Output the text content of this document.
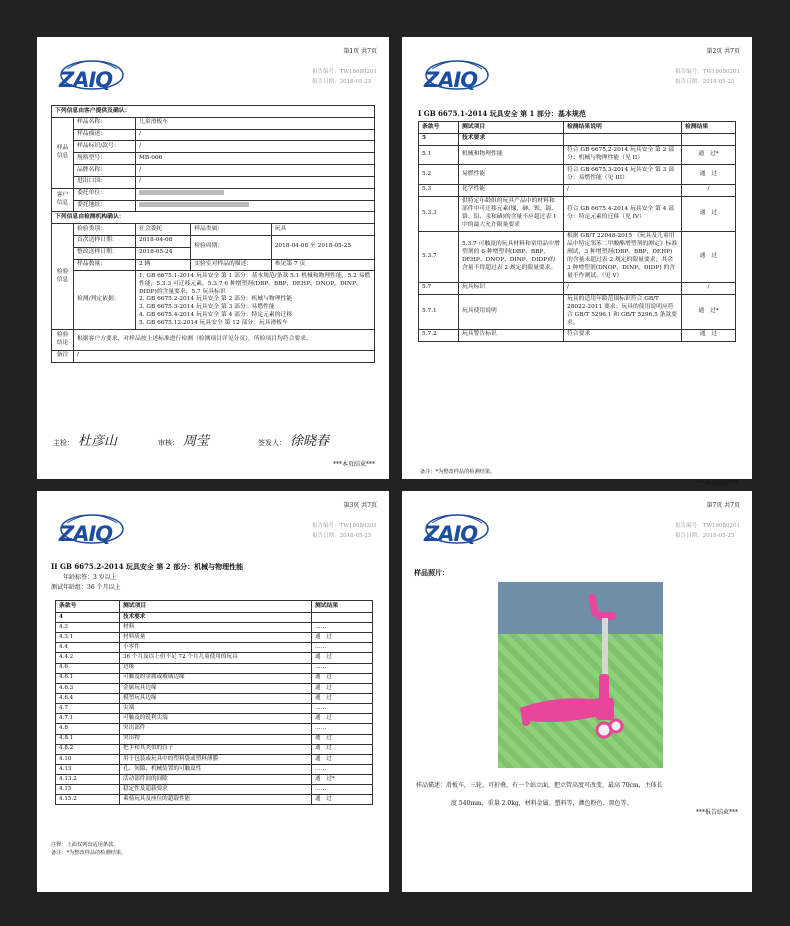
第1页 共7页
ZAIQ	报告编号：TW18080201
报告日期：2018-05-25
下列信息由客户提供及确认：				
样品信息	样品名称：	儿童滑板车		
	样品描述：	/		
	样品标识/款号：	/		
	规格型号：	MB-006		
	品牌名称：	/		
	进出口国：	/		
客户信息	委托单位：			
	委托地址：			
下列信息由检测机构确认：				
检验信息	检验类别：	社会委托	样品类属：	玩具
	首次送样日期：	2018-04-08	检验周期：	2018-04-08 至 2018-05-25
	整改送样日期：	2018-05-24		
	样品数量：	2 辆	实验室对样品的描述：	参见第 7 页
	检测/判定依据：	1. GB 6675.1-2014 玩具安全 第 1 部分：基本规范/条款 5.1 机械和物理性能，5.2 易燃性能，5.3.3 可迁移元素，5.3.7 6 种增塑剂(DBP、BBP、DEHP、DNOP、DINP、DIDP)的含量要求，5.7 玩具标识
2. GB 6675.2-2014 玩具安全 第 2 部分：机械与物理性能
3. GB 6675.3-2014 玩具安全 第 3 部分：易燃性能
4. GB 6675.4-2014 玩具安全 第 4 部分：特定元素的迁移
5. GB 6675.12-2014 玩具安全 第 12 部分：玩具滑板车		

检验结论	根据客户方要求，对样品按上述标准进行检测（检测项目详见分页），所检项目均符合要求。			
备注	/			
主检： 杜彦山	审核： 周莹	签发人： 徐晓春
***本页结束***
第2页 共7页
ZAIQ	报告编号：TW18080201
报告日期：2018-05-25
I GB 6675.1-2014 玩具安全 第 1 部分：基本规范
条款号	测试项目	检测结果说明	检测结果
5	技术要求		
5.1	机械和物理性能	符合 GB 6675.2-2014 玩具安全 第 2 部分：机械与物理性能（见 II）	通　过*
5.2	易燃性能	符合 GB 6675.3-2014 玩具安全 第 3 部分：易燃性能（见 III）	通　过
5.3	化学性能	/	/
5.3.3	供特定年龄组的玩具产品中的材料和部件中可迁移元素(锑、砷、钡、镉、铬、铅、汞和硒)的含量不应超过表 1 中的最大允许限量要求	符合 GB 6675.4-2014 玩具安全 第 4 部分：特定元素的迁移（见 IV）	通　过
5.3.7	5.3.7 可触及的玩具材料和童用品中增塑剂的 6 种增塑剂(DBP、BBP、DEHP、DNOP、DINP、DIDP)的含量不得超过表 2 规定的限量要求。	根据 GB/T 22048-2015 《玩具及儿童用品中特定邻苯二甲酸酯增塑剂的测定》标准测试，3 种增塑剂(DBP、BBP、DEHP)的含量未超过表 2 规定的限量要求；其余 3 种增塑剂(DNOP、DINP、DIDP) 的含量不作测试。（见 V）	通　过
5.7	玩具标识	/	/
5.7.1	玩具使用说明	玩具的适用年龄范围标识符合 GB/T 28022-2011 要求；玩具的使用说明应符合 GB/T 5296.1 和 GB/T 5296.5 条款要求。	通　过*
5.7.2	玩具警告标识	符合要求	通　过
备注：*为整改样品的检测结果。
***本页结束***
第3页 共7页
ZAIQ	报告编号：TW18080201
报告日期：2018-05-25
II GB 6675.2-2014 玩具安全 第 2 部分：机械与物理性能
年龄标签：3 岁以上
测试年龄组：36 个月以上
条款号	测试项目	测试结果
4	技术要求	
4.3	材料	……
4.3.1	材料质量	通　过
4.4	小零件	……
4.4.2	36 个月及以上但不足 72 个月儿童使用的玩具	通　过
4.6	边缘	……
4.6.1	可触及的金属或玻璃边缘	通　过
4.6.3	金属玩具边缘	通　过
4.6.4	模塑玩具边缘	通　过
4.7	尖端	……
4.7.1	可触及的锐利尖端	通　过
4.8	突出部件	……
4.8.1	突出物	通　过
4.8.2	把手和其类似的管子	通　过
4.10	用于包装或玩具中的塑料袋或塑料薄膜	通　过
4.13	孔、间隙、机械装置的可触及性	……
4.13.2	活动部件间的间隙	通　过*
4.15	稳定性及超载要求	……
4.15.2	乘骑玩具及座位的超载性能	通　过
注释：上面仅列出适用条款。
备注：*为整改样品的检测结果。
第7页 共7页
ZAIQ	报告编号：TW18080201
报告日期：2018-05-25
样品照片：
样品描述：滑板车，三轮，可折叠，有一个站立面，把立管高度可改变，最高 70cm，主体长
度 540mm，重量 2.0kg，材料金属、塑料等，颜色粉色、黑色等。
***报告结束***
